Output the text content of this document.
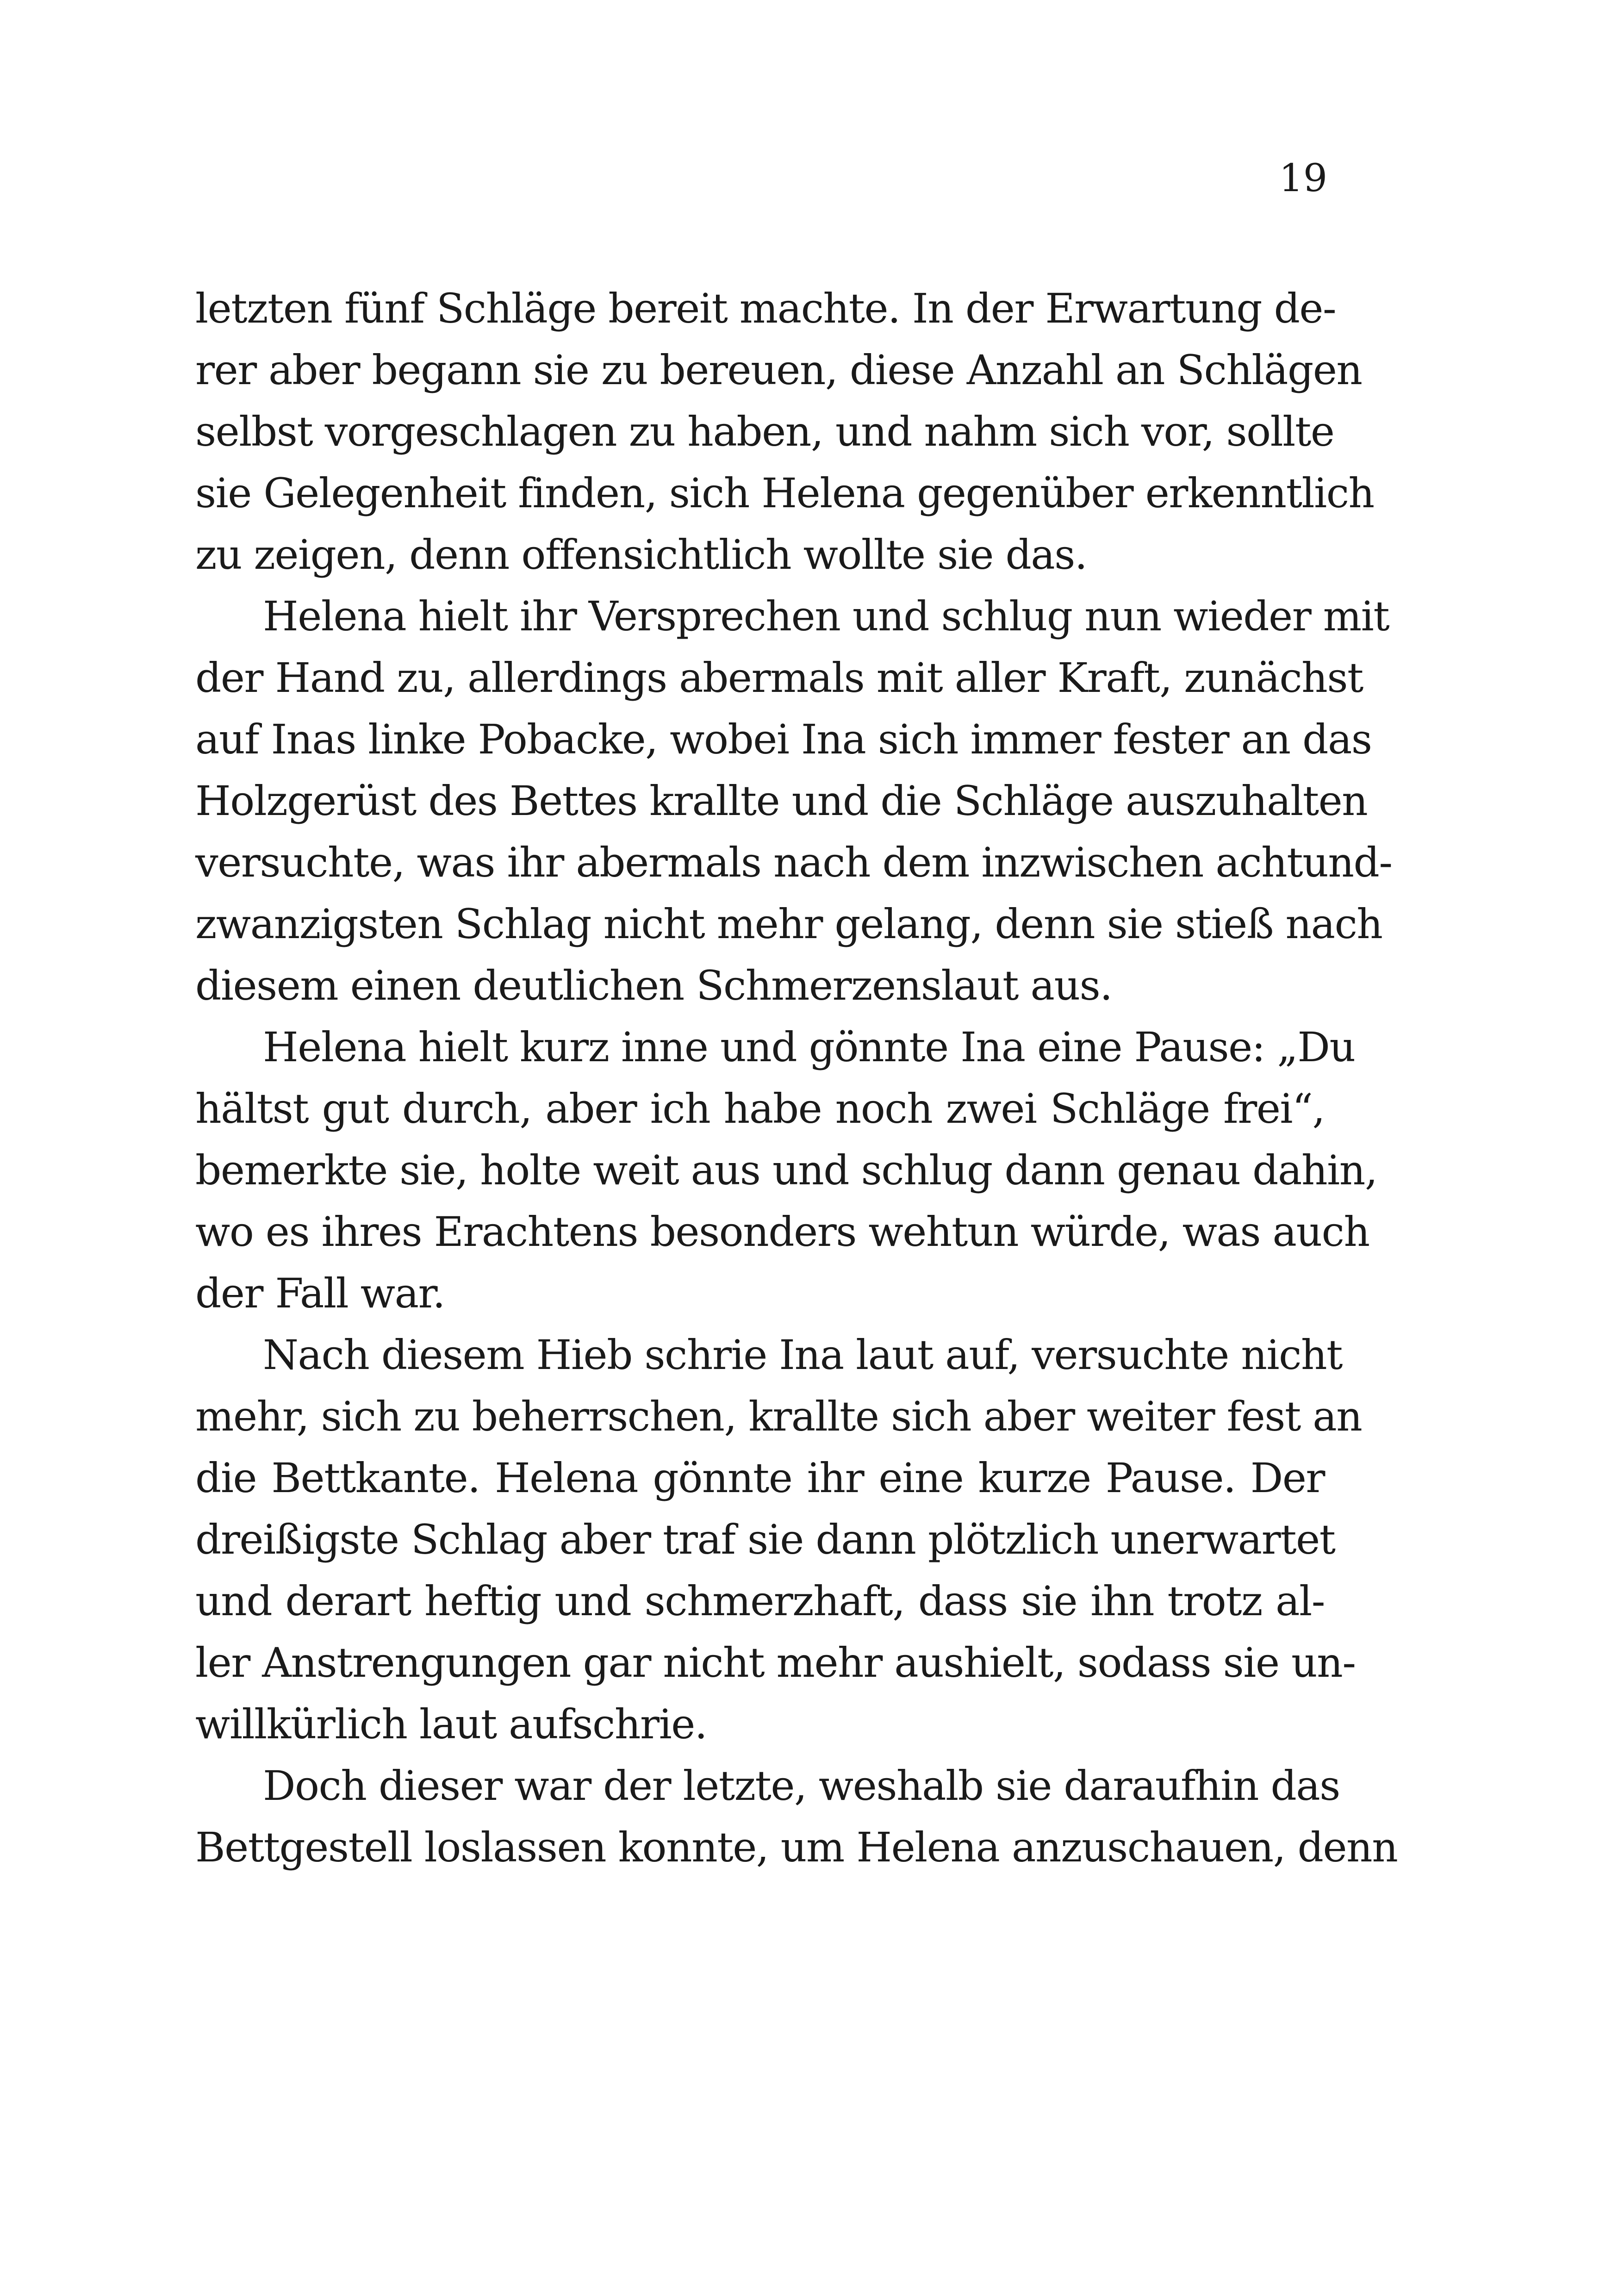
19
letzten fünf Schläge bereit machte. In der Erwartung de-
rer aber begann sie zu bereuen, diese Anzahl an Schlägen
selbst vorgeschlagen zu haben, und nahm sich vor, sollte
sie Gelegenheit finden, sich Helena gegenüber erkenntlich
zu zeigen, denn offensichtlich wollte sie das.
Helena hielt ihr Versprechen und schlug nun wieder mit
der Hand zu, allerdings abermals mit aller Kraft, zunächst
auf Inas linke Pobacke, wobei Ina sich immer fester an das
Holzgerüst des Bettes krallte und die Schläge auszuhalten
versuchte, was ihr abermals nach dem inzwischen achtund-
zwanzigsten Schlag nicht mehr gelang, denn sie stieß nach
diesem einen deutlichen Schmerzenslaut aus.
Helena hielt kurz inne und gönnte Ina eine Pause: „Du
hältst gut durch, aber ich habe noch zwei Schläge frei“,
bemerkte sie, holte weit aus und schlug dann genau dahin,
wo es ihres Erachtens besonders wehtun würde, was auch
der Fall war.
Nach diesem Hieb schrie Ina laut auf, versuchte nicht
mehr, sich zu beherrschen, krallte sich aber weiter fest an
die Bettkante. Helena gönnte ihr eine kurze Pause. Der
dreißigste Schlag aber traf sie dann plötzlich unerwartet
und derart heftig und schmerzhaft, dass sie ihn trotz al-
ler Anstrengungen gar nicht mehr aushielt, sodass sie un-
willkürlich laut aufschrie.
Doch dieser war der letzte, weshalb sie daraufhin das
Bettgestell loslassen konnte, um Helena anzuschauen, denn
